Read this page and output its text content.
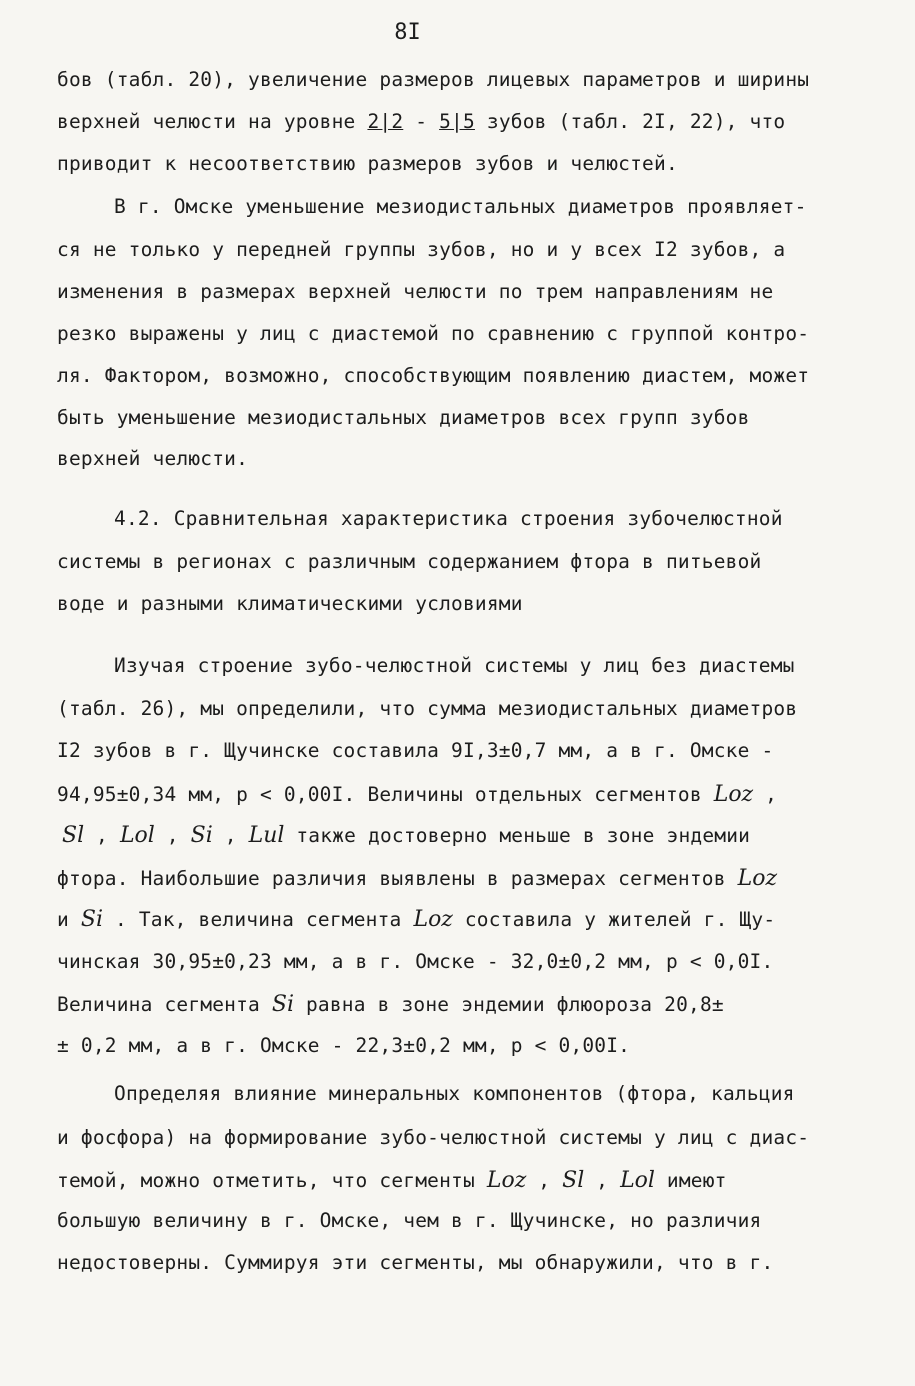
8I
бов (табл. 20), увеличение размеров лицевых параметров и ширины
верхней челюсти на уровне 2|2 - 5|5 зубов (табл. 2I, 22), что
приводит к несоответствию размеров зубов и челюстей.
В г. Омске уменьшение мезиодистальных диаметров проявляет-
ся не только у передней группы зубов, но и у всех I2 зубов, а
изменения в размерах верхней челюсти по трем направлениям не
резко выражены у лиц с диастемой по сравнению с группой контро-
ля. Фактором, возможно, способствующим появлению диастем, может
быть уменьшение мезиодистальных диаметров всех групп зубов
верхней челюсти.
4.2. Сравнительная характеристика строения зубочелюстной
системы в регионах с различным содержанием фтора в питьевой
воде и разными климатическими условиями
Изучая строение зубо-челюстной системы у лиц без диастемы
(табл. 26), мы определили, что сумма мезиодистальных диаметров
I2 зубов в г. Щучинске составила 9I,3±0,7 мм, а в г. Омске -
94,95±0,34 мм, р < 0,00I. Величины отдельных сегментов Loz ,
Sl , Lol , Si , Lul также достоверно меньше в зоне эндемии
фтора. Наибольшие различия выявлены в размерах сегментов Loz
и Si . Так, величина сегмента Loz составила у жителей г. Щу-
чинская 30,95±0,23 мм, а в г. Омске - 32,0±0,2 мм, р < 0,0I.
Величина сегмента Si равна в зоне эндемии флюороза 20,8±
± 0,2 мм, а в г. Омске - 22,3±0,2 мм, р < 0,00I.
Определяя влияние минеральных компонентов (фтора, кальция
и фосфора) на формирование зубо-челюстной системы у лиц с диас-
темой, можно отметить, что сегменты Loz , Sl , Lol имеют
большую величину в г. Омске, чем в г. Щучинске, но различия
недостоверны. Суммируя эти сегменты, мы обнаружили, что в г.
